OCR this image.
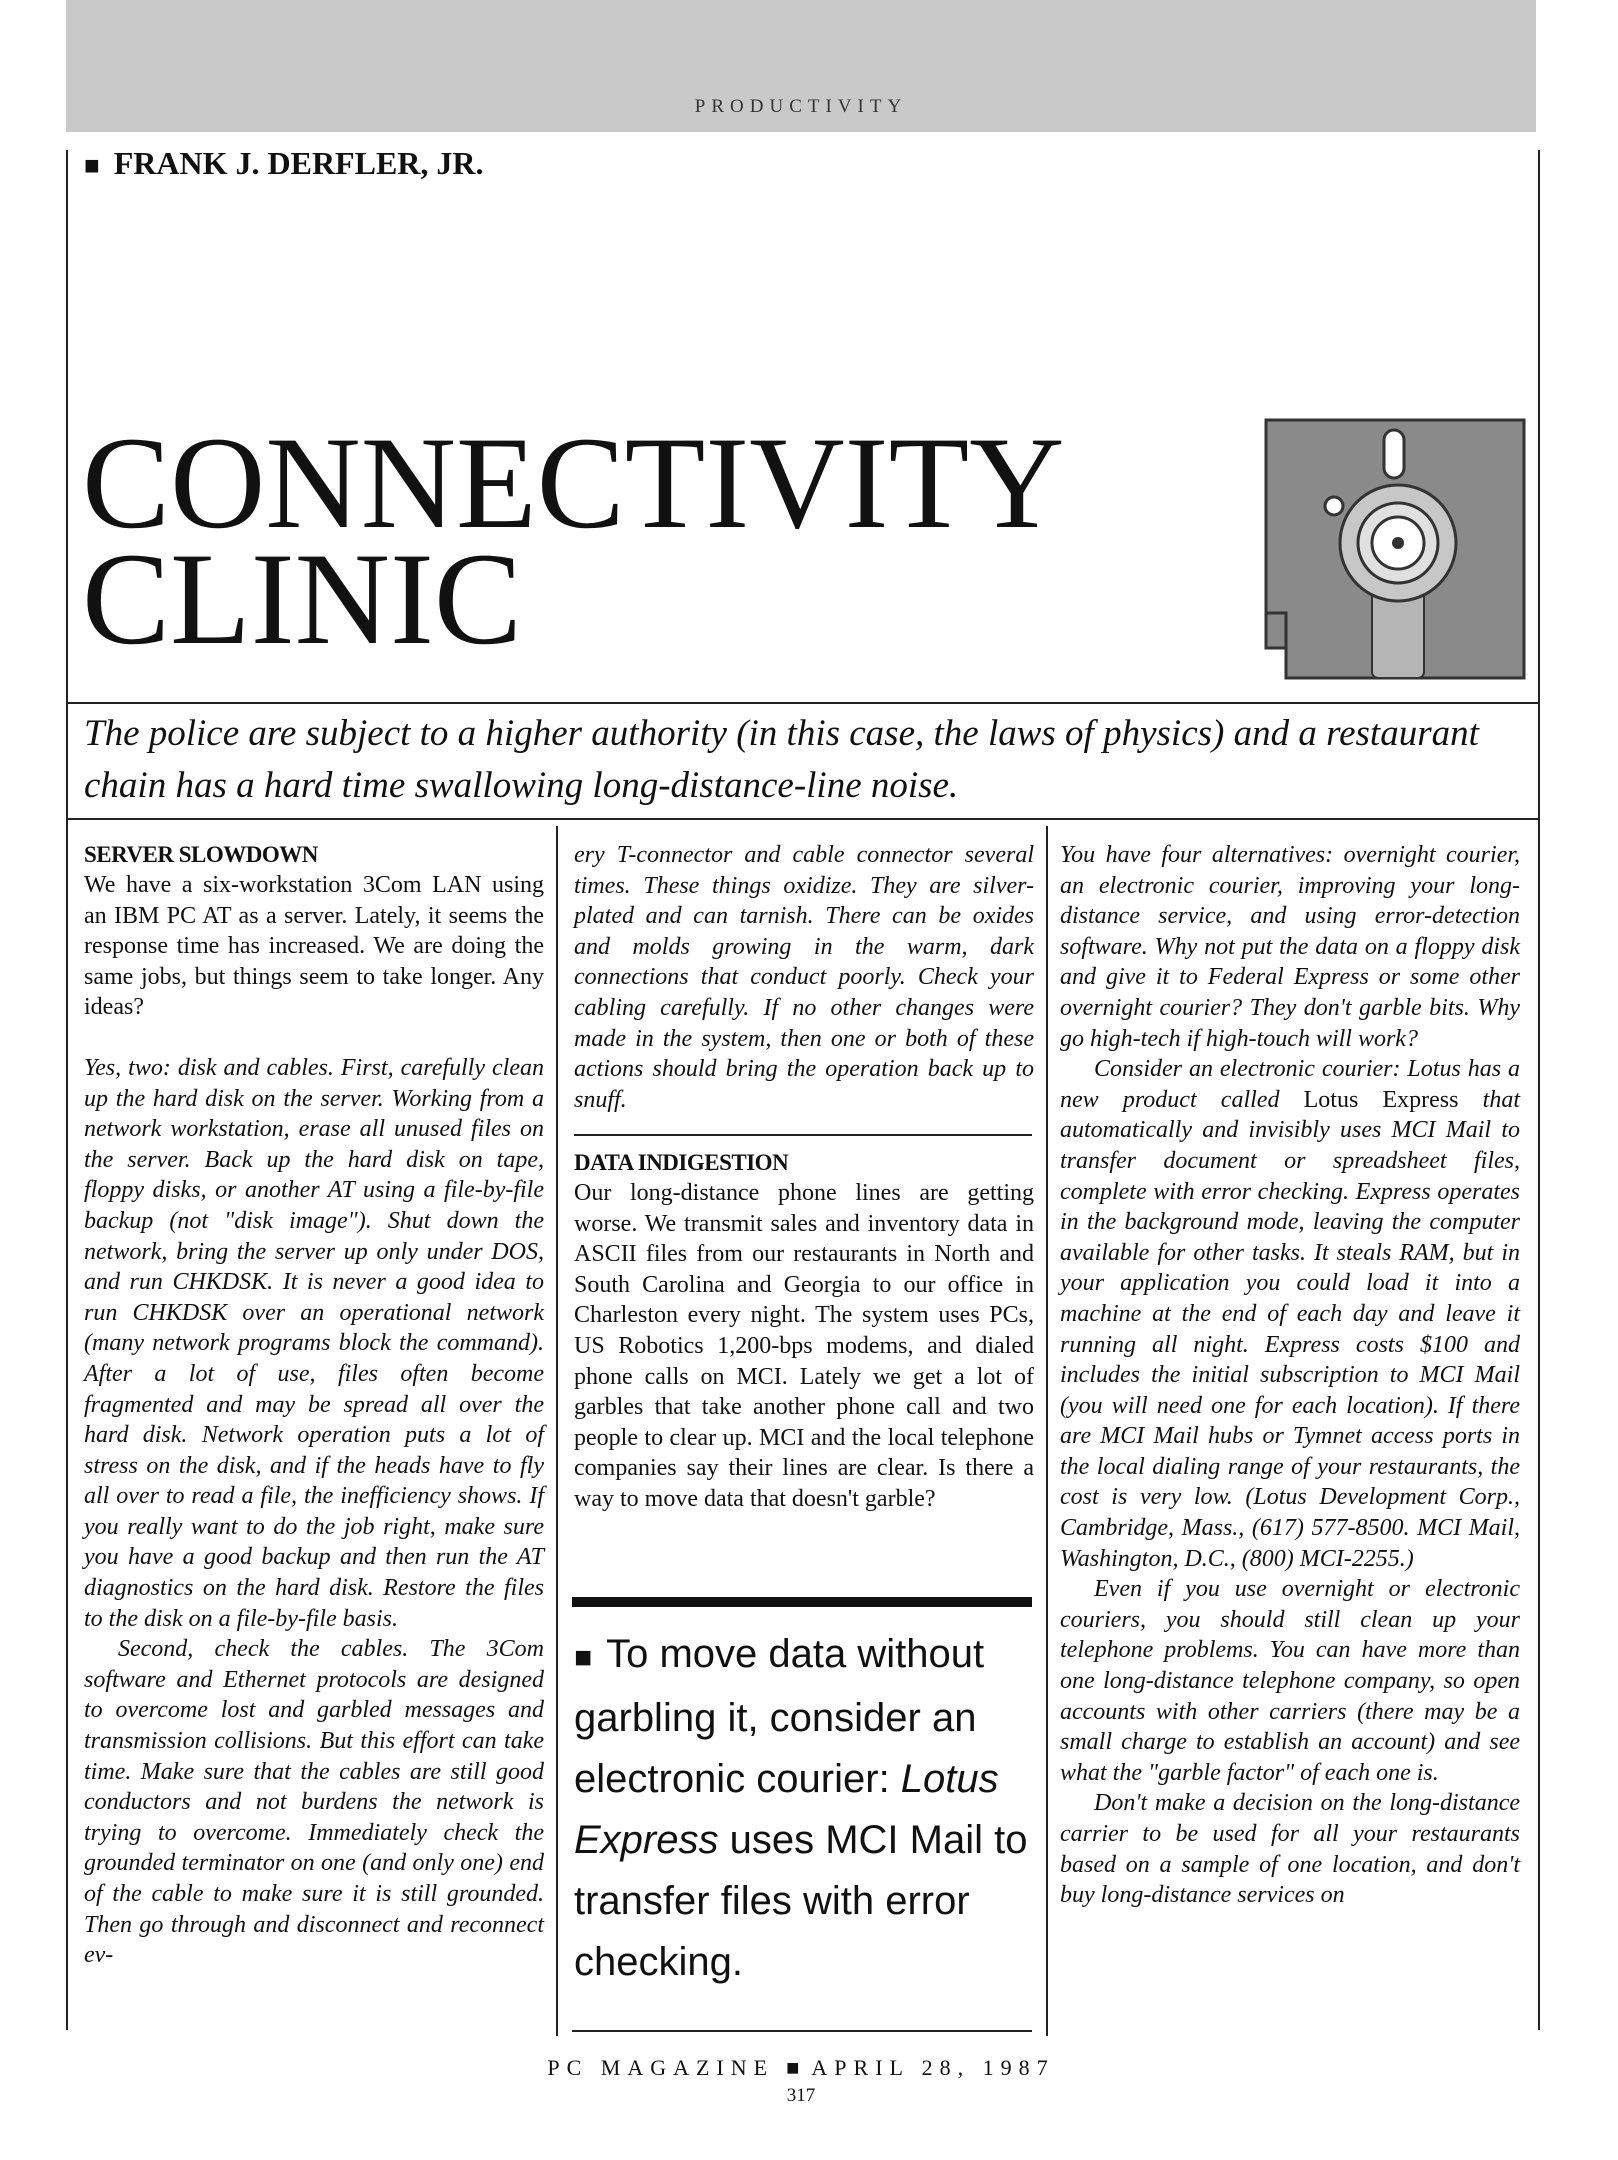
PRODUCTIVITY
■ FRANK J. DERFLER, JR.
CONNECTIVITY
CLINIC
The police are subject to a higher authority (in this case, the laws of physics) and a restaurant chain has a hard time swallowing long-distance-line noise.

SERVER SLOWDOWN

We have a six-workstation 3Com LAN using an IBM PC AT as a server. Lately, it seems the response time has increased. We are doing the same jobs, but things seem to take longer. Any ideas?

Yes, two: disk and cables. First, carefully clean up the hard disk on the server. Working from a network workstation, erase all unused files on the server. Back up the hard disk on tape, floppy disks, or another AT using a file-by-file backup (not "disk image"). Shut down the network, bring the server up only under DOS, and run CHKDSK. It is never a good idea to run CHKDSK over an operational network (many network programs block the command). After a lot of use, files often become fragmented and may be spread all over the hard disk. Network operation puts a lot of stress on the disk, and if the heads have to fly all over to read a file, the inefficiency shows. If you really want to do the job right, make sure you have a good backup and then run the AT diagnostics on the hard disk. Restore the files to the disk on a file-by-file basis.

Second, check the cables. The 3Com software and Ethernet protocols are designed to overcome lost and garbled messages and transmission collisions. But this effort can take time. Make sure that the cables are still good conductors and not burdens the network is trying to overcome. Immediately check the grounded terminator on one (and only one) end of the cable to make sure it is still grounded. Then go through and disconnect and reconnect ev-

ery T-connector and cable connector several times. These things oxidize. They are silver-plated and can tarnish. There can be oxides and molds growing in the warm, dark connections that conduct poorly. Check your cabling carefully. If no other changes were made in the system, then one or both of these actions should bring the operation back up to snuff.

DATA INDIGESTION

Our long-distance phone lines are getting worse. We transmit sales and inventory data in ASCII files from our restaurants in North and South Carolina and Georgia to our office in Charleston every night. The system uses PCs, US Robotics 1,200-bps modems, and dialed phone calls on MCI. Lately we get a lot of garbles that take another phone call and two people to clear up. MCI and the local telephone companies say their lines are clear. Is there a way to move data that doesn't garble?

■ To move data without garbling it, consider an electronic courier: Lotus Express uses MCI Mail to transfer files with error checking.

You have four alternatives: overnight courier, an electronic courier, improving your long-distance service, and using error-detection software. Why not put the data on a floppy disk and give it to Federal Express or some other overnight courier? They don't garble bits. Why go high-tech if high-touch will work?

Consider an electronic courier: Lotus has a new product called Lotus Express that automatically and invisibly uses MCI Mail to transfer document or spreadsheet files, complete with error checking. Express operates in the background mode, leaving the computer available for other tasks. It steals RAM, but in your application you could load it into a machine at the end of each day and leave it running all night. Express costs $100 and includes the initial subscription to MCI Mail (you will need one for each location). If there are MCI Mail hubs or Tymnet access ports in the local dialing range of your restaurants, the cost is very low. (Lotus Development Corp., Cambridge, Mass., (617) 577-8500. MCI Mail, Washington, D.C., (800) MCI-2255.)

Even if you use overnight or electronic couriers, you should still clean up your telephone problems. You can have more than one long-distance telephone company, so open accounts with other carriers (there may be a small charge to establish an account) and see what the "garble factor" of each one is.

Don't make a decision on the long-distance carrier to be used for all your restaurants based on a sample of one location, and don't buy long-distance services on

PC MAGAZINE ■ APRIL 28, 1987
317
